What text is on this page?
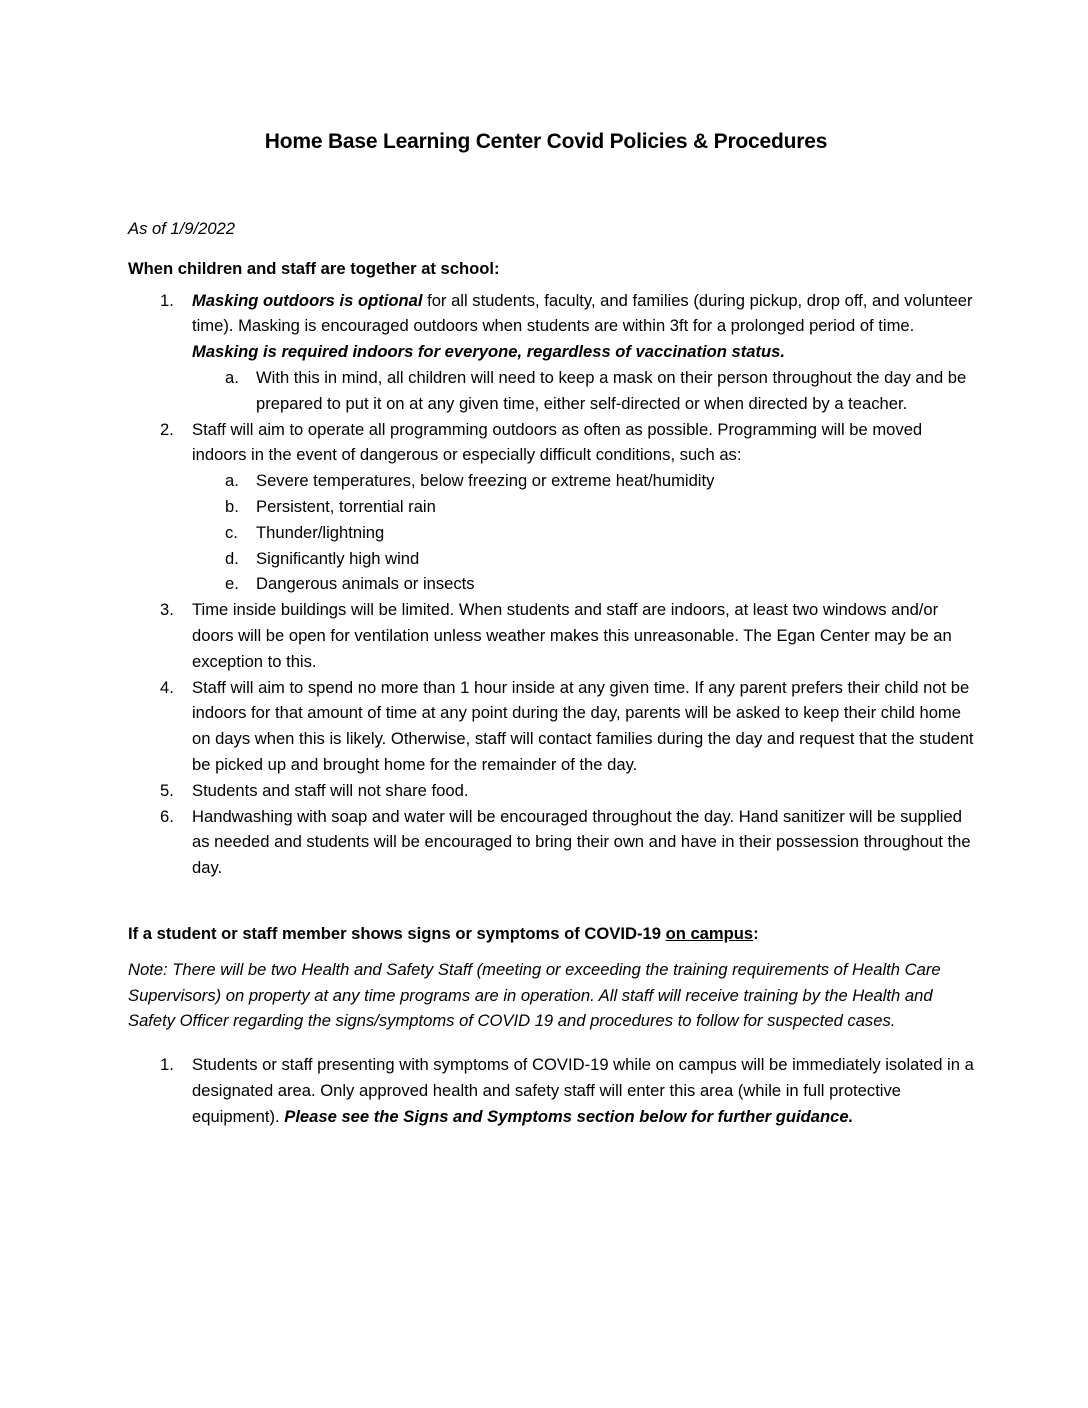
Home Base Learning Center Covid Policies & Procedures

As of 1/9/2022

When children and staff are together at school:

1. Masking outdoors is optional for all students, faculty, and families (during pickup, drop off, and volunteer time). Masking is encouraged outdoors when students are within 3ft for a prolonged period of time. Masking is required indoors for everyone, regardless of vaccination status.
a. With this in mind, all children will need to keep a mask on their person throughout the day and be prepared to put it on at any given time, either self-directed or when directed by a teacher.
2. Staff will aim to operate all programming outdoors as often as possible. Programming will be moved indoors in the event of dangerous or especially difficult conditions, such as:
a. Severe temperatures, below freezing or extreme heat/humidity
b. Persistent, torrential rain
c. Thunder/lightning
d. Significantly high wind
e. Dangerous animals or insects
3. Time inside buildings will be limited. When students and staff are indoors, at least two windows and/or doors will be open for ventilation unless weather makes this unreasonable. The Egan Center may be an exception to this.
4. Staff will aim to spend no more than 1 hour inside at any given time. If any parent prefers their child not be indoors for that amount of time at any point during the day, parents will be asked to keep their child home on days when this is likely. Otherwise, staff will contact families during the day and request that the student be picked up and brought home for the remainder of the day.
5. Students and staff will not share food.
6. Handwashing with soap and water will be encouraged throughout the day. Hand sanitizer will be supplied as needed and students will be encouraged to bring their own and have in their possession throughout the day.

If a student or staff member shows signs or symptoms of COVID-19 on campus:

Note: There will be two Health and Safety Staff (meeting or exceeding the training requirements of Health Care Supervisors) on property at any time programs are in operation. All staff will receive training by the Health and Safety Officer regarding the signs/symptoms of COVID 19 and procedures to follow for suspected cases.

1. Students or staff presenting with symptoms of COVID-19 while on campus will be immediately isolated in a designated area. Only approved health and safety staff will enter this area (while in full protective equipment). Please see the Signs and Symptoms section below for further guidance.
